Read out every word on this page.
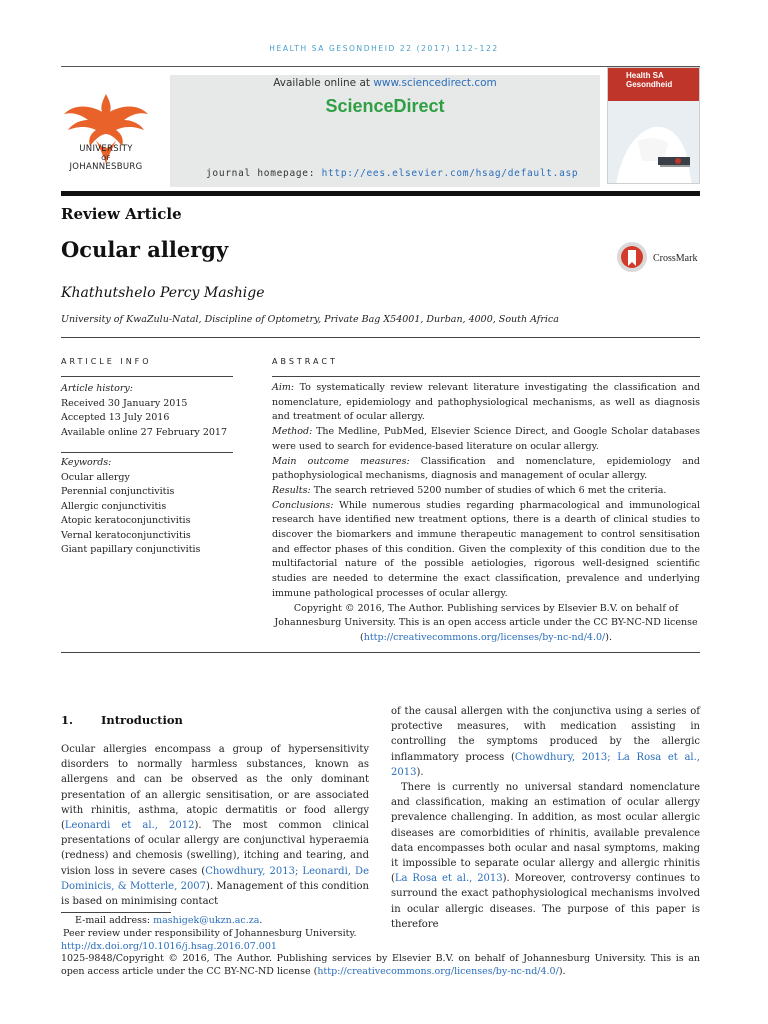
HEALTH SA GESONDHEID 22 (2017) 112–122
UNIVERSITY
OF
JOHANNESBURG
Available online at www.sciencedirect.com
ScienceDirect
journal homepage: http://ees.elsevier.com/hsag/default.asp
Health SA
Gesondheid
Review Article
Ocular allergy	CrossMark
Khathutshelo Percy Mashige
University of KwaZulu-Natal, Discipline of Optometry, Private Bag X54001, Durban, 4000, South Africa
ARTICLE INFO
Article history:
Received 30 January 2015
Accepted 13 July 2016
Available online 27 February 2017
Keywords:
Ocular allergy
Perennial conjunctivitis
Allergic conjunctivitis
Atopic keratoconjunctivitis
Vernal keratoconjunctivitis
Giant papillary conjunctivitis
ABSTRACT
Aim: To systematically review relevant literature investigating the classification and nomenclature, epidemiology and pathophysiological mechanisms, as well as diagnosis and treatment of ocular allergy.
Method: The Medline, PubMed, Elsevier Science Direct, and Google Scholar databases were used to search for evidence-based literature on ocular allergy.
Main outcome measures: Classification and nomenclature, epidemiology and pathophysiological mechanisms, diagnosis and management of ocular allergy.
Results: The search retrieved 5200 number of studies of which 6 met the criteria.
Conclusions: While numerous studies regarding pharmacological and immunological research have identified new treatment options, there is a dearth of clinical studies to discover the biomarkers and immune therapeutic management to control sensitisation and effector phases of this condition. Given the complexity of this condition due to the multifactorial nature of the possible aetiologies, rigorous well-designed scientific studies are needed to determine the exact classification, prevalence and underlying immune pathological processes of ocular allergy.
Copyright © 2016, The Author. Publishing services by Elsevier B.V. on behalf of Johannesburg University. This is an open access article under the CC BY-NC-ND license (http://creativecommons.org/licenses/by-nc-nd/4.0/).
1. Introduction
Ocular allergies encompass a group of hypersensitivity disorders to normally harmless substances, known as allergens and can be observed as the only dominant presentation of an allergic sensitisation, or are associated with rhinitis, asthma, atopic dermatitis or food allergy (Leonardi et al., 2012). The most common clinical presentations of ocular allergy are conjunctival hyperaemia (redness) and chemosis (swelling), itching and tearing, and vision loss in severe cases (Chowdhury, 2013; Leonardi, De Dominicis, & Motterle, 2007). Management of this condition is based on minimising contact
of the causal allergen with the conjunctiva using a series of protective measures, with medication assisting in controlling the symptoms produced by the allergic inflammatory process (Chowdhury, 2013; La Rosa et al., 2013).
There is currently no universal standard nomenclature and classification, making an estimation of ocular allergy prevalence challenging. In addition, as most ocular allergic diseases are comorbidities of rhinitis, available prevalence data encompasses both ocular and nasal symptoms, making it impossible to separate ocular allergy and allergic rhinitis (La Rosa et al., 2013). Moreover, controversy continues to surround the exact pathophysiological mechanisms involved in ocular allergic diseases. The purpose of this paper is therefore
E-mail address: mashigek@ukzn.ac.za.
Peer review under responsibility of Johannesburg University.
http://dx.doi.org/10.1016/j.hsag.2016.07.001
1025-9848/Copyright © 2016, The Author. Publishing services by Elsevier B.V. on behalf of Johannesburg University. This is an open access article under the CC BY-NC-ND license (http://creativecommons.org/licenses/by-nc-nd/4.0/).
